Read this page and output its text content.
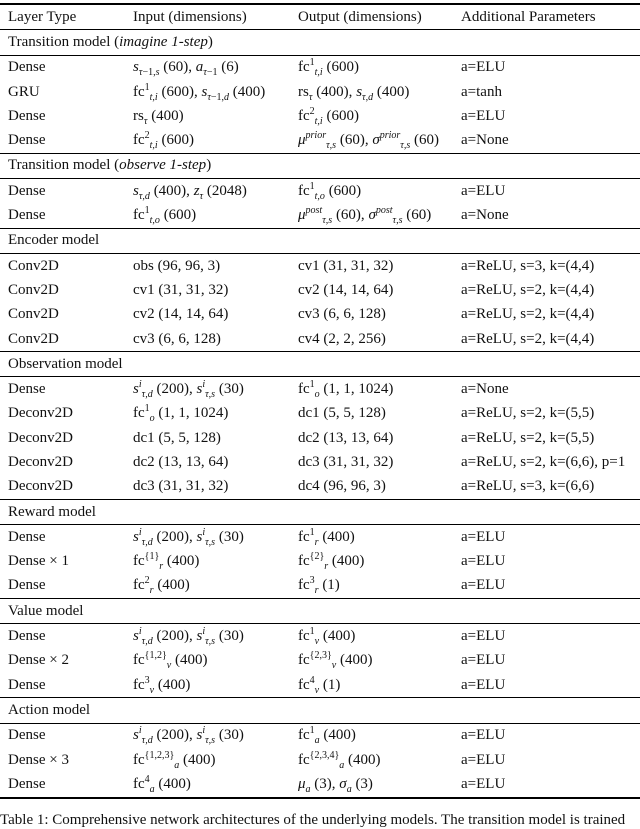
Layer Type	Input (dimensions)	Output (dimensions)	Additional Parameters
Transition model (imagine 1-step)			
Dense	$s_{\tau-1,s}$ (60), $a_{\tau-1}$ (6)	$fc^1_{t,i}$ (600)	a=ELU
GRU	$fc^1_{t,i}$ (600), $s_{\tau-1,d}$ (400)	$rs_\tau$ (400), $s_{\tau,d}$ (400)	a=tanh
Dense	$rs_\tau$ (400)	$fc^2_{t,i}$ (600)	a=ELU
Dense	$fc^2_{t,i}$ (600)	$\mu^{prior}_{\tau,s}$ (60), $\sigma^{prior}_{\tau,s}$ (60)	a=None
Transition model (observe 1-step)			
Dense	$s_{\tau,d}$ (400), $z_\tau$ (2048)	$fc^1_{t,o}$ (600)	a=ELU
Dense	$fc^1_{t,o}$ (600)	$\mu^{post}_{\tau,s}$ (60), $\sigma^{post}_{\tau,s}$ (60)	a=None
Encoder model			
Conv2D	obs (96, 96, 3)	cv1 (31, 31, 32)	a=ReLU, s=3, k=(4,4)
Conv2D	cv1 (31, 31, 32)	cv2 (14, 14, 64)	a=ReLU, s=2, k=(4,4)
Conv2D	cv2 (14, 14, 64)	cv3 (6, 6, 128)	a=ReLU, s=2, k=(4,4)
Conv2D	cv3 (6, 6, 128)	cv4 (2, 2, 256)	a=ReLU, s=2, k=(4,4)
Observation model			
Dense	$s^i_{\tau,d}$ (200), $s^i_{\tau,s}$ (30)	$fc^1_o$ (1, 1, 1024)	a=None
Deconv2D	$fc^1_o$ (1, 1, 1024)	dc1 (5, 5, 128)	a=ReLU, s=2, k=(5,5)
Deconv2D	dc1 (5, 5, 128)	dc2 (13, 13, 64)	a=ReLU, s=2, k=(5,5)
Deconv2D	dc2 (13, 13, 64)	dc3 (31, 31, 32)	a=ReLU, s=2, k=(6,6), p=1
Deconv2D	dc3 (31, 31, 32)	dc4 (96, 96, 3)	a=ReLU, s=3, k=(6,6)
Reward model			
Dense	$s^i_{\tau,d}$ (200), $s^i_{\tau,s}$ (30)	$fc^1_r$ (400)	a=ELU
Dense × 1	$fc^{\{1\}}_r$ (400)	$fc^{\{2\}}_r$ (400)	a=ELU
Dense	$fc^2_r$ (400)	$fc^3_r$ (1)	a=ELU
Value model			
Dense	$s^i_{\tau,d}$ (200), $s^i_{\tau,s}$ (30)	$fc^1_v$ (400)	a=ELU
Dense × 2	$fc^{\{1,2\}}_v$ (400)	$fc^{\{2,3\}}_v$ (400)	a=ELU
Dense	$fc^3_v$ (400)	$fc^4_v$ (1)	a=ELU
Action model			
Dense	$s^i_{\tau,d}$ (200), $s^i_{\tau,s}$ (30)	$fc^1_a$ (400)	a=ELU
Dense × 3	$fc^{\{1,2,3\}}_a$ (400)	$fc^{\{2,3,4\}}_a$ (400)	a=ELU
Dense	$fc^4_a$ (400)	$\mu_a$ (3), $\sigma_a$ (3)	a=ELU
Table 1: Comprehensive network architectures of the underlying models. The transition model is trained
